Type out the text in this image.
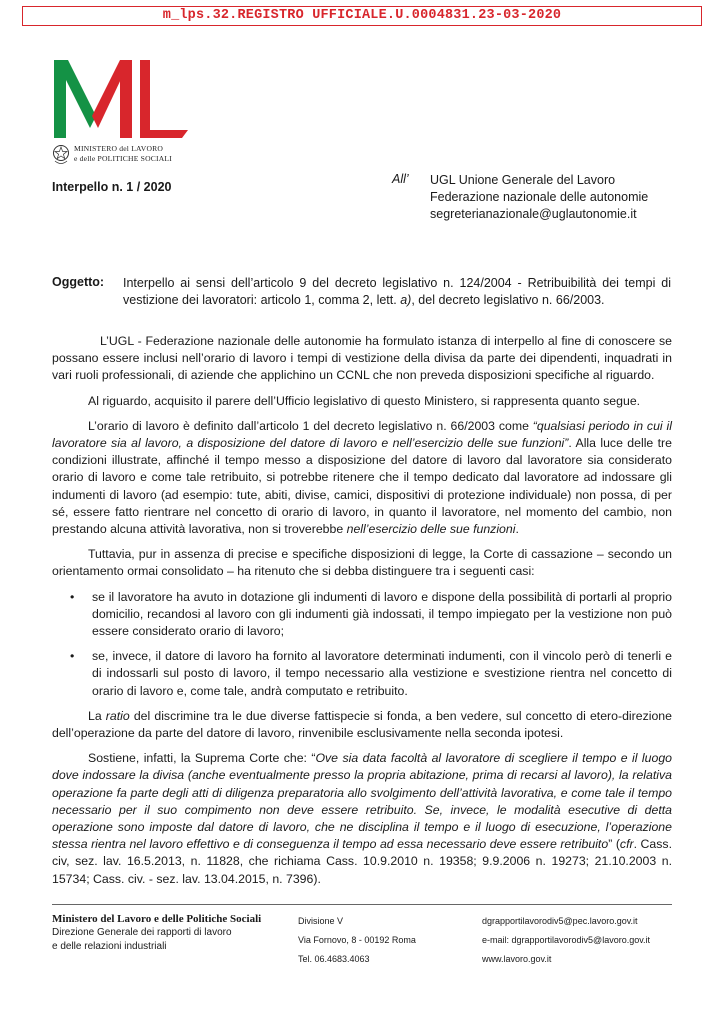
m_lps.32.REGISTRO UFFICIALE.U.0004831.23-03-2020
MINISTERO del LAVORO
e delle POLITICHE SOCIALI
Interpello n. 1 / 2020
All’ UGL Unione Generale del Lavoro
Federazione nazionale delle autonomie
segreterianazionale@uglautonomie.it
Oggetto: Interpello ai sensi dell’articolo 9 del decreto legislativo n. 124/2004 - Retribuibilità dei tempi di vestizione dei lavoratori: articolo 1, comma 2, lett. a), del decreto legislativo n. 66/2003.

L’UGL - Federazione nazionale delle autonomie ha formulato istanza di interpello al fine di conoscere se possano essere inclusi nell’orario di lavoro i tempi di vestizione della divisa da parte dei dipendenti, inquadrati in vari ruoli professionali, di aziende che applichino un CCNL che non preveda disposizioni specifiche al riguardo.

Al riguardo, acquisito il parere dell’Ufficio legislativo di questo Ministero, si rappresenta quanto segue.

L’orario di lavoro è definito dall’articolo 1 del decreto legislativo n. 66/2003 come “qualsiasi periodo in cui il lavoratore sia al lavoro, a disposizione del datore di lavoro e nell’esercizio delle sue funzioni”. Alla luce delle tre condizioni illustrate, affinché il tempo messo a disposizione del datore di lavoro dal lavoratore sia considerato orario di lavoro e come tale retribuito, si potrebbe ritenere che il tempo dedicato dal lavoratore ad indossare gli indumenti di lavoro (ad esempio: tute, abiti, divise, camici, dispositivi di protezione individuale) non possa, di per sé, essere fatto rientrare nel concetto di orario di lavoro, in quanto il lavoratore, nel momento del cambio, non prestando alcuna attività lavorativa, non si troverebbe nell’esercizio delle sue funzioni.

Tuttavia, pur in assenza di precise e specifiche disposizioni di legge, la Corte di cassazione – secondo un orientamento ormai consolidato – ha ritenuto che si debba distinguere tra i seguenti casi:

• se il lavoratore ha avuto in dotazione gli indumenti di lavoro e dispone della possibilità di portarli al proprio domicilio, recandosi al lavoro con gli indumenti già indossati, il tempo impiegato per la vestizione non può essere considerato orario di lavoro;
• se, invece, il datore di lavoro ha fornito al lavoratore determinati indumenti, con il vincolo però di tenerli e di indossarli sul posto di lavoro, il tempo necessario alla vestizione e svestizione rientra nel concetto di orario di lavoro e, come tale, andrà computato e retribuito.

La ratio del discrimine tra le due diverse fattispecie si fonda, a ben vedere, sul concetto di etero-direzione dell’operazione da parte del datore di lavoro, rinvenibile esclusivamente nella seconda ipotesi.

Sostiene, infatti, la Suprema Corte che: “Ove sia data facoltà al lavoratore di scegliere il tempo e il luogo dove indossare la divisa (anche eventualmente presso la propria abitazione, prima di recarsi al lavoro), la relativa operazione fa parte degli atti di diligenza preparatoria allo svolgimento dell’attività lavorativa, e come tale il tempo necessario per il suo compimento non deve essere retribuito. Se, invece, le modalità esecutive di detta operazione sono imposte dal datore di lavoro, che ne disciplina il tempo e il luogo di esecuzione, l’operazione stessa rientra nel lavoro effettivo e di conseguenza il tempo ad essa necessario deve essere retribuito” (cfr. Cass. civ, sez. lav. 16.5.2013, n. 11828, che richiama Cass. 10.9.2010 n. 19358; 9.9.2006 n. 19273; 21.10.2003 n. 15734; Cass. civ. - sez. lav. 13.04.2015, n. 7396).

Ministero del Lavoro e delle Politiche Sociali
Direzione Generale dei rapporti di lavoro
e delle relazioni industriali
Divisione V
Via Fornovo, 8 - 00192 Roma
Tel. 06.4683.4063
dgrapportilavorodiv5@pec.lavoro.gov.it
e-mail: dgrapportilavorodiv5@lavoro.gov.it
www.lavoro.gov.it
